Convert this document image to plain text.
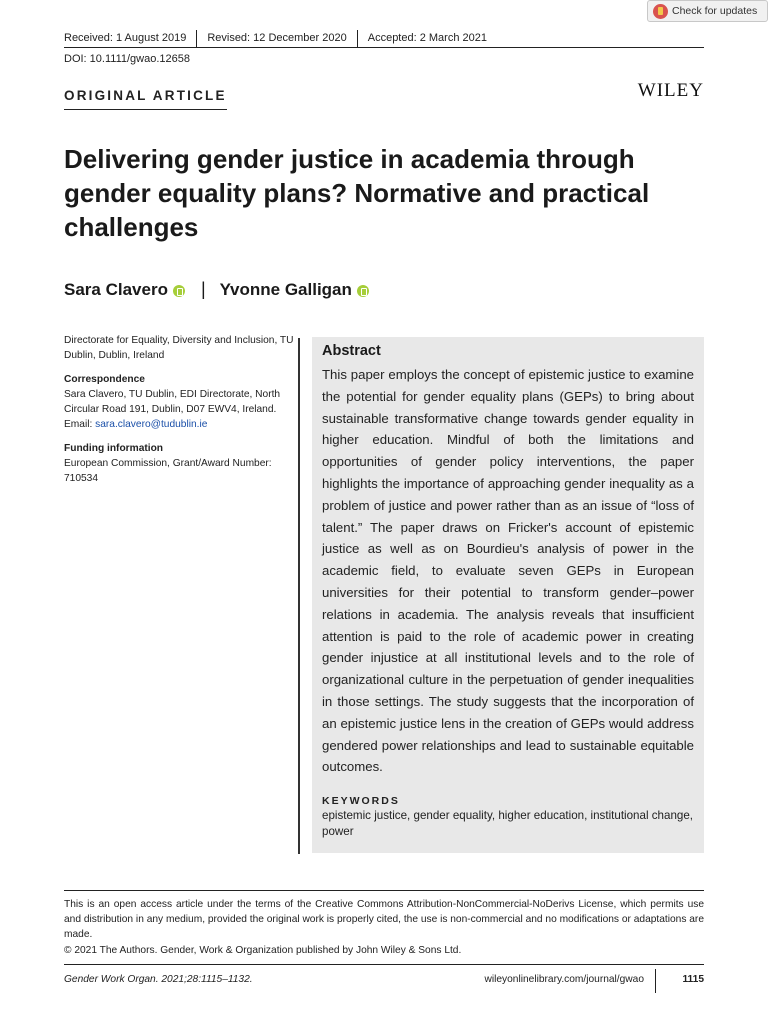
Check for updates
Received: 1 August 2019	Revised: 12 December 2020	Accepted: 2 March 2021
DOI: 10.1111/gwao.12658
ORIGINAL ARTICLE	WILEY
Delivering gender justice in academia through gender equality plans? Normative and practical challenges
Sara Clavero | Yvonne Galligan
Directorate for Equality, Diversity and Inclusion, TU Dublin, Dublin, Ireland
Correspondence
Sara Clavero, TU Dublin, EDI Directorate, North Circular Road 191, Dublin, D07 EWV4, Ireland.
Email: sara.clavero@tudublin.ie
Funding information
European Commission, Grant/Award Number: 710534
Abstract

This paper employs the concept of epistemic justice to examine the potential for gender equality plans (GEPs) to bring about sustainable transformative change towards gender equality in higher education. Mindful of both the limitations and opportunities of gender policy interventions, the paper highlights the importance of approaching gender inequality as a problem of justice and power rather than as an issue of “loss of talent.” The paper draws on Fricker's account of epistemic justice as well as on Bourdieu's analysis of power in the academic field, to evaluate seven GEPs in European universities for their potential to transform gender–power relations in academia. The analysis reveals that insufficient attention is paid to the role of academic power in creating gender injustice at all institutional levels and to the role of organizational culture in the perpetuation of gender inequalities in those settings. The study suggests that the incorporation of an epistemic justice lens in the creation of GEPs would address gendered power relationships and lead to sustainable equitable outcomes.

KEYWORDS
epistemic justice, gender equality, higher education, institutional change, power
This is an open access article under the terms of the Creative Commons Attribution-NonCommercial-NoDerivs License, which permits use and distribution in any medium, provided the original work is properly cited, the use is non-commercial and no modifications or adaptations are made.
© 2021 The Authors. Gender, Work & Organization published by John Wiley & Sons Ltd.
Gender Work Organ. 2021;28:1115–1132.	wileyonlinelibrary.com/journal/gwao	1115
